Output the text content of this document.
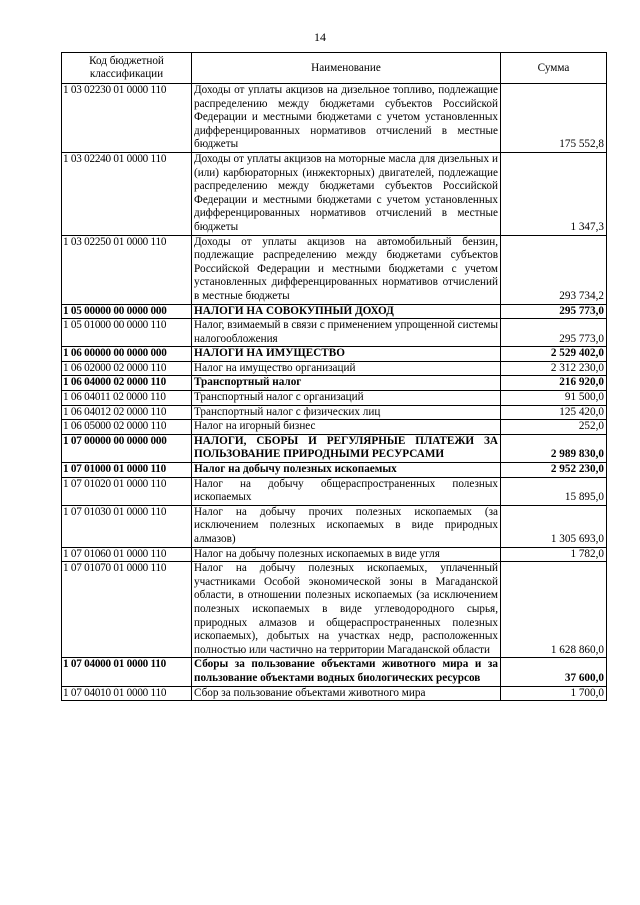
14
Код бюджетной классификации	Наименование	Сумма
1 03 02230 01 0000 110	Доходы от уплаты акцизов на дизельное топливо, подлежащие распределению между бюджетами субъектов Российской Федерации и местными бюджетами с учетом установленных дифференцированных нормативов отчислений в местные бюджеты	175 552,8
1 03 02240 01 0000 110	Доходы от уплаты акцизов на моторные масла для дизельных и (или) карбюраторных (инжекторных) двигателей, подлежащие распределению между бюджетами субъектов Российской Федерации и местными бюджетами с учетом установленных дифференцированных нормативов отчислений в местные бюджеты	1 347,3
1 03 02250 01 0000 110	Доходы от уплаты акцизов на автомобильный бензин, подлежащие распределению между бюджетами субъектов Российской Федерации и местными бюджетами с учетом установленных дифференцированных нормативов отчислений в местные бюджеты	293 734,2
1 05 00000 00 0000 000	НАЛОГИ НА СОВОКУПНЫЙ ДОХОД	295 773,0
1 05 01000 00 0000 110	Налог, взимаемый в связи с применением упрощенной системы налогообложения	295 773,0
1 06 00000 00 0000 000	НАЛОГИ НА ИМУЩЕСТВО	2 529 402,0
1 06 02000 02 0000 110	Налог на имущество организаций	2 312 230,0
1 06 04000 02 0000 110	Транспортный налог	216 920,0
1 06 04011 02 0000 110	Транспортный налог с организаций	91 500,0
1 06 04012 02 0000 110	Транспортный налог с физических лиц	125 420,0
1 06 05000 02 0000 110	Налог на игорный бизнес	252,0
1 07 00000 00 0000 000	НАЛОГИ, СБОРЫ И РЕГУЛЯРНЫЕ ПЛАТЕЖИ ЗА ПОЛЬЗОВАНИЕ ПРИРОДНЫМИ РЕСУРСАМИ	2 989 830,0
1 07 01000 01 0000 110	Налог на добычу полезных ископаемых	2 952 230,0
1 07 01020 01 0000 110	Налог на добычу общераспространенных полезных ископаемых	15 895,0
1 07 01030 01 0000 110	Налог на добычу прочих полезных ископаемых (за исключением полезных ископаемых в виде природных алмазов)	1 305 693,0
1 07 01060 01 0000 110	Налог на добычу полезных ископаемых в виде угля	1 782,0
1 07 01070 01 0000 110	Налог на добычу полезных ископаемых, уплаченный участниками Особой экономической зоны в Магаданской области, в отношении полезных ископаемых (за исключением полезных ископаемых в виде углеводородного сырья, природных алмазов и общераспространенных полезных ископаемых), добытых на участках недр, расположенных полностью или частично на территории Магаданской области	1 628 860,0
1 07 04000 01 0000 110	Сборы за пользование объектами животного мира и за пользование объектами водных биологических ресурсов	37 600,0
1 07 04010 01 0000 110	Сбор за пользование объектами животного мира	1 700,0
